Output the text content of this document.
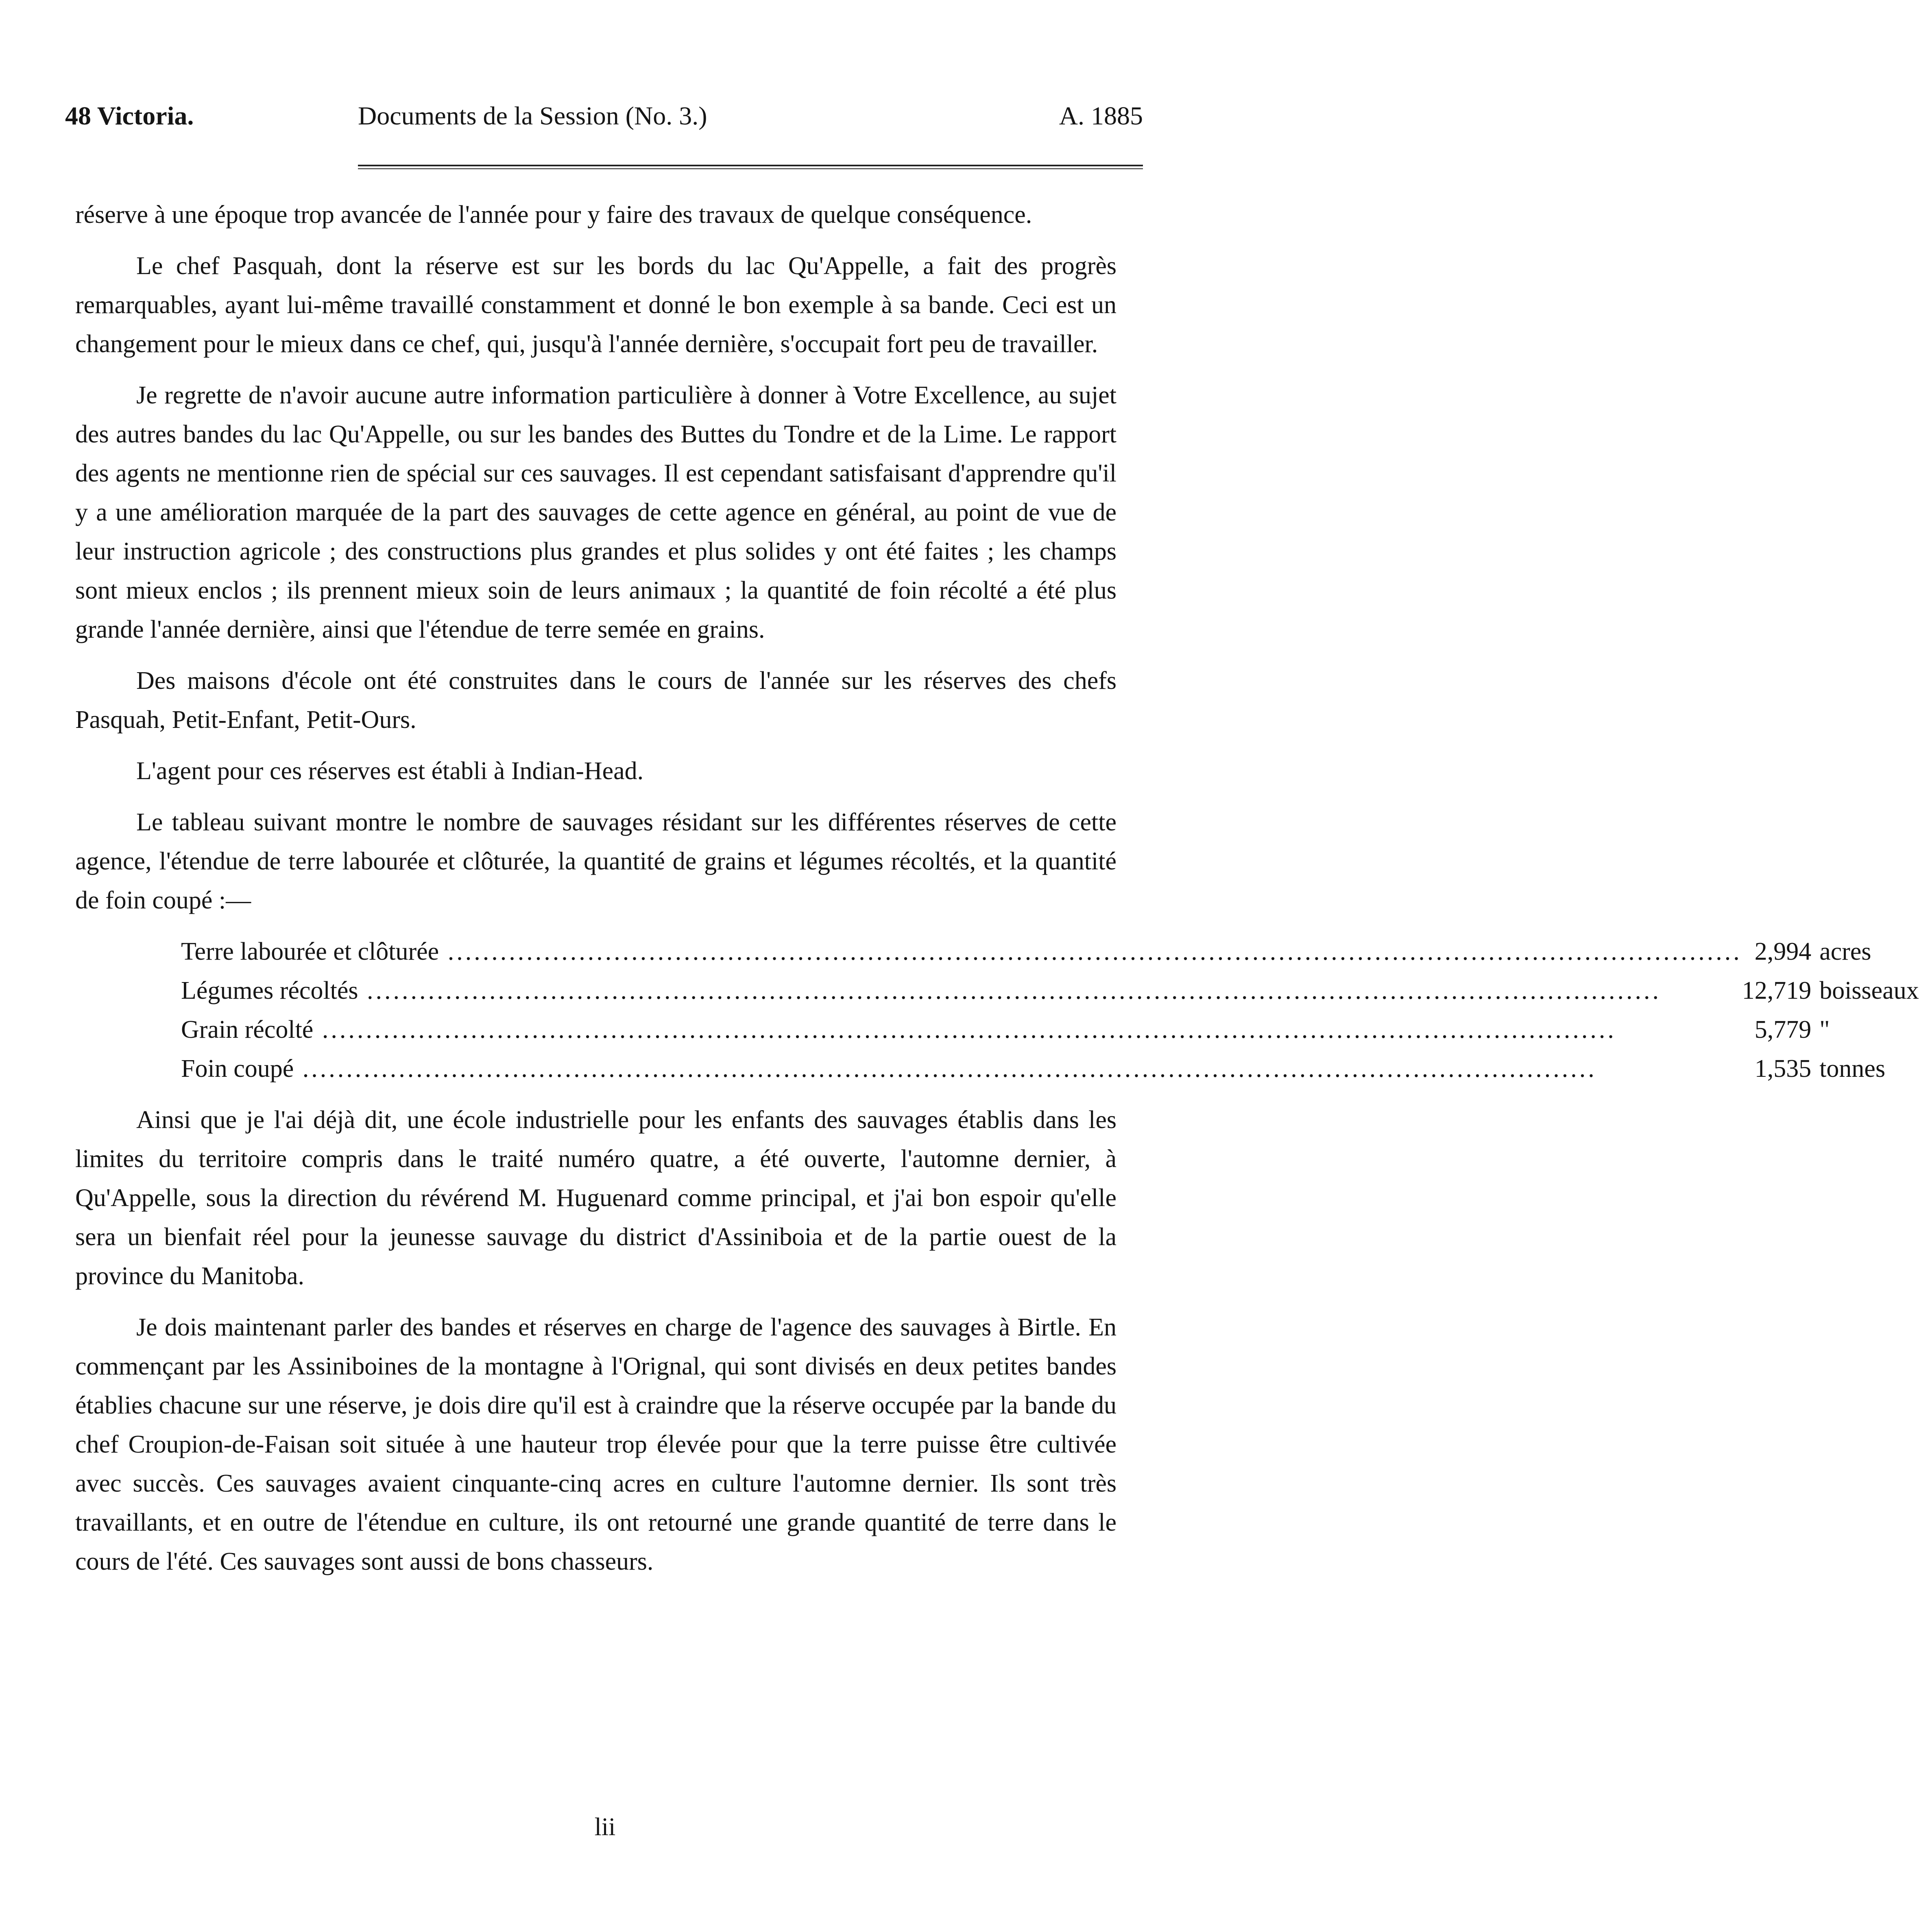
48 Victoria.	Documents de la Session (No. 3.)	A. 1885

réserve à une époque trop avancée de l'année pour y faire des travaux de quelque conséquence.

Le chef Pasquah, dont la réserve est sur les bords du lac Qu'Appelle, a fait des progrès remarquables, ayant lui-même travaillé constamment et donné le bon exemple à sa bande. Ceci est un changement pour le mieux dans ce chef, qui, jusqu'à l'année dernière, s'occupait fort peu de travailler.

Je regrette de n'avoir aucune autre information particulière à donner à Votre Excellence, au sujet des autres bandes du lac Qu'Appelle, ou sur les bandes des Buttes du Tondre et de la Lime. Le rapport des agents ne mentionne rien de spécial sur ces sauvages. Il est cependant satisfaisant d'apprendre qu'il y a une amélioration marquée de la part des sauvages de cette agence en général, au point de vue de leur instruction agricole ; des constructions plus grandes et plus solides y ont été faites ; les champs sont mieux enclos ; ils prennent mieux soin de leurs animaux ; la quantité de foin récolté a été plus grande l'année dernière, ainsi que l'étendue de terre semée en grains.

Des maisons d'école ont été construites dans le cours de l'année sur les réserves des chefs Pasquah, Petit-Enfant, Petit-Ours.

L'agent pour ces réserves est établi à Indian-Head.

Le tableau suivant montre le nombre de sauvages résidant sur les différentes réserves de cette agence, l'étendue de terre labourée et clôturée, la quantité de grains et légumes récoltés, et la quantité de foin coupé :—

Terre labourée et clôturée .....	2,994	acres
Légumes récoltés .....	12,719	boisseaux
Grain récolté .....	5,779	"
Foin coupé .....	1,535	tonnes

Ainsi que je l'ai déjà dit, une école industrielle pour les enfants des sauvages établis dans les limites du territoire compris dans le traité numéro quatre, a été ouverte, l'automne dernier, à Qu'Appelle, sous la direction du révérend M. Huguenard comme principal, et j'ai bon espoir qu'elle sera un bienfait réel pour la jeunesse sauvage du district d'Assiniboia et de la partie ouest de la province du Manitoba.

Je dois maintenant parler des bandes et réserves en charge de l'agence des sauvages à Birtle. En commençant par les Assiniboines de la montagne à l'Orignal, qui sont divisés en deux petites bandes établies chacune sur une réserve, je dois dire qu'il est à craindre que la réserve occupée par la bande du chef Croupion-de-Faisan soit située à une hauteur trop élevée pour que la terre puisse être cultivée avec succès. Ces sauvages avaient cinquante-cinq acres en culture l'automne dernier. Ils sont très travaillants, et en outre de l'étendue en culture, ils ont retourné une grande quantité de terre dans le cours de l'été. Ces sauvages sont aussi de bons chasseurs.

lii
